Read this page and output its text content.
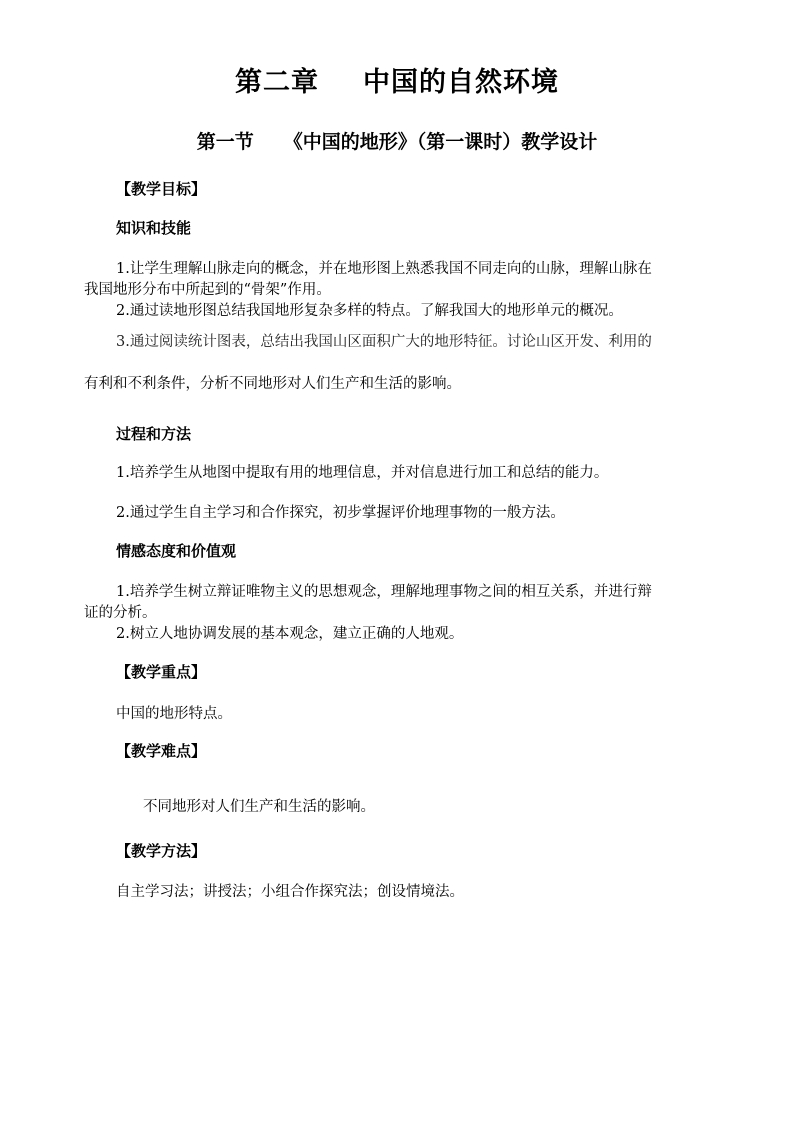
第二章 中国的自然环境
第一节 《中国的地形》（第一课时）教学设计
【教学目标】
知识和技能
1.让学生理解山脉走向的概念，并在地形图上熟悉我国不同走向的山脉，理解山脉在
我国地形分布中所起到的“骨架”作用。
2.通过读地形图总结我国地形复杂多样的特点。了解我国大的地形单元的概况。
3.通过阅读统计图表，总结出我国山区面积广大的地形特征。讨论山区开发、利用的
有利和不利条件，分析不同地形对人们生产和生活的影响。
过程和方法
1.培养学生从地图中提取有用的地理信息，并对信息进行加工和总结的能力。
2.通过学生自主学习和合作探究，初步掌握评价地理事物的一般方法。
情感态度和价值观
1.培养学生树立辩证唯物主义的思想观念，理解地理事物之间的相互关系，并进行辩
证的分析。
2.树立人地协调发展的基本观念，建立正确的人地观。
【教学重点】
中国的地形特点。
【教学难点】
不同地形对人们生产和生活的影响。
【教学方法】
自主学习法；讲授法；小组合作探究法；创设情境法。
